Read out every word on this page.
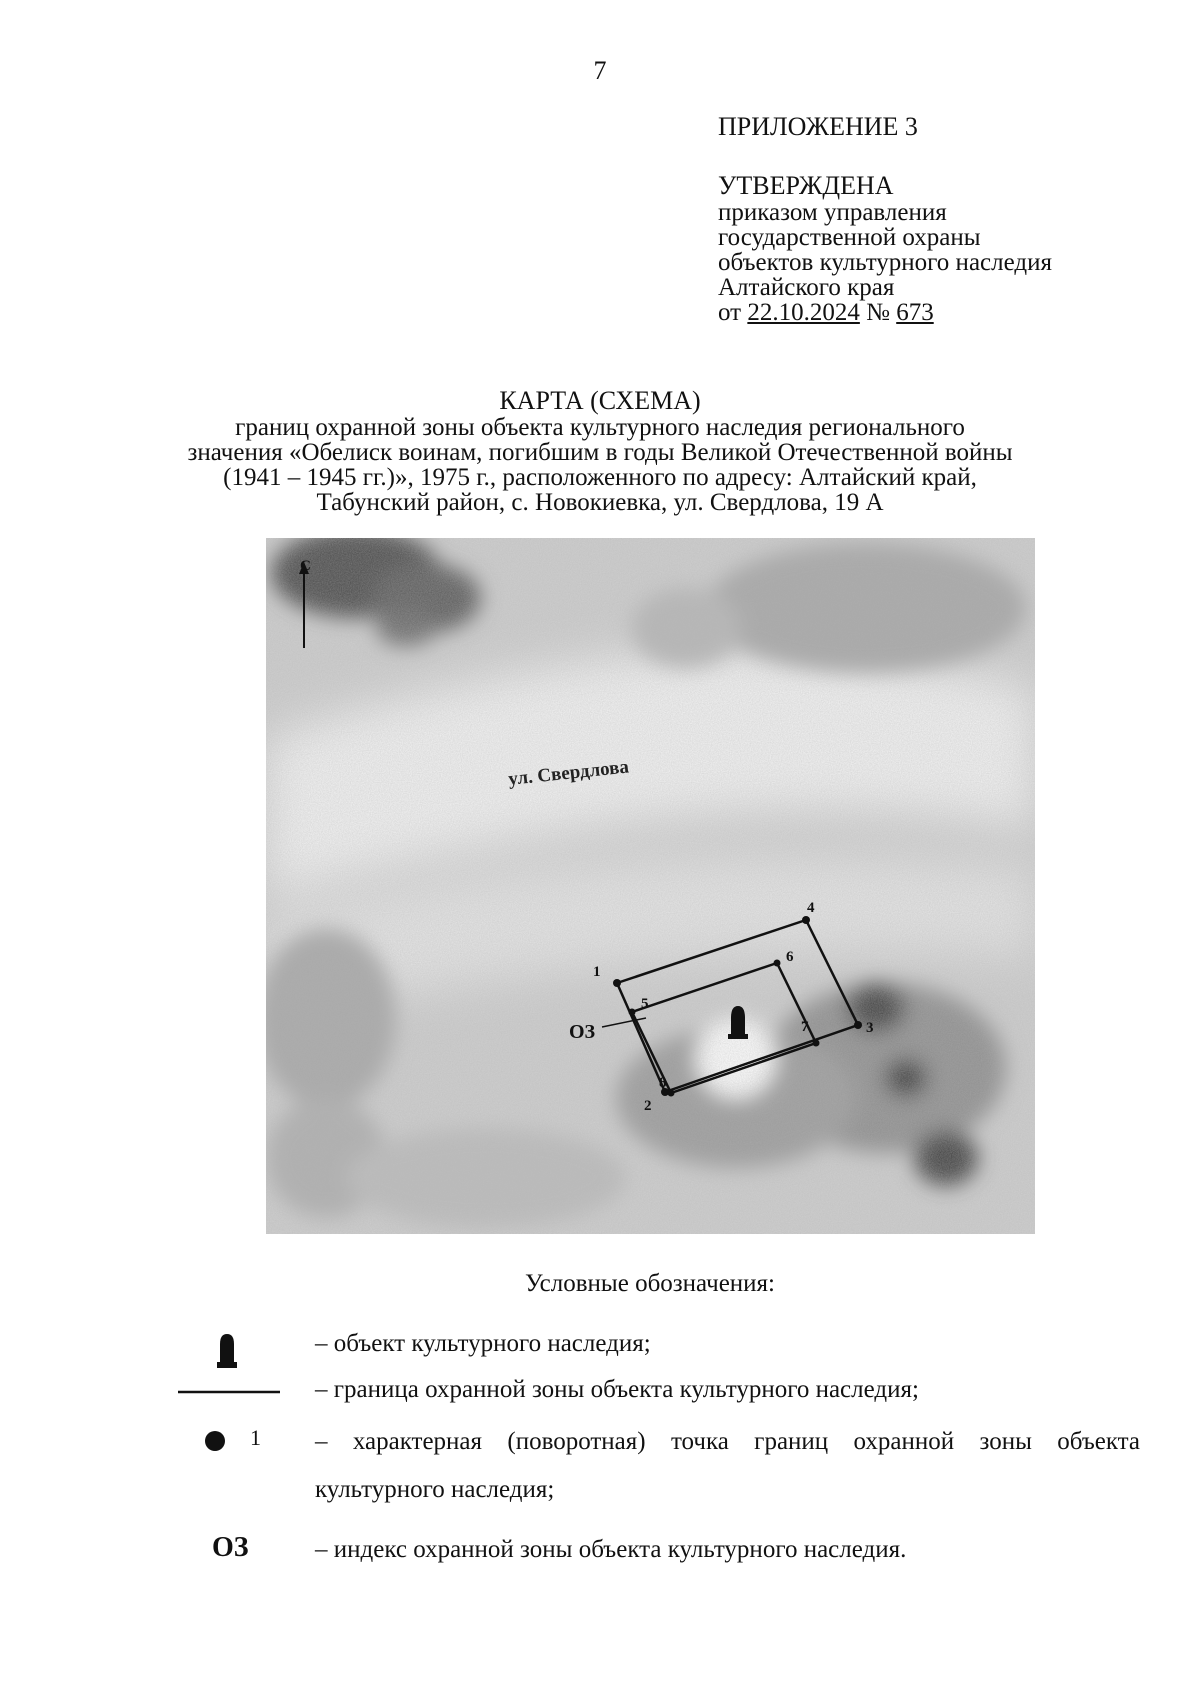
7
ПРИЛОЖЕНИЕ 3
УТВЕРЖДЕНА
приказом управления
государственной охраны
объектов культурного наследия
Алтайского края
от 22.10.2024 № 673
КАРТА (СХЕМА)
границ охранной зоны объекта культурного наследия регионального
значения «Обелиск воинам, погибшим в годы Великой Отечественной войны
(1941 – 1945 гг.)», 1975 г., расположенного по адресу: Алтайский край,
Табунский район, с. Новокиевка, ул. Свердлова, 19 А
С
ул. Свердлова
1
2
3
4
5
6
7
8
ОЗ
Условные обозначения:
– объект культурного наследия;
– граница охранной зоны объекта культурного наследия;
1 – характерная (поворотная) точка границ охранной зоны объекта культурного наследия;
ОЗ	– индекс охранной зоны объекта культурного наследия.
